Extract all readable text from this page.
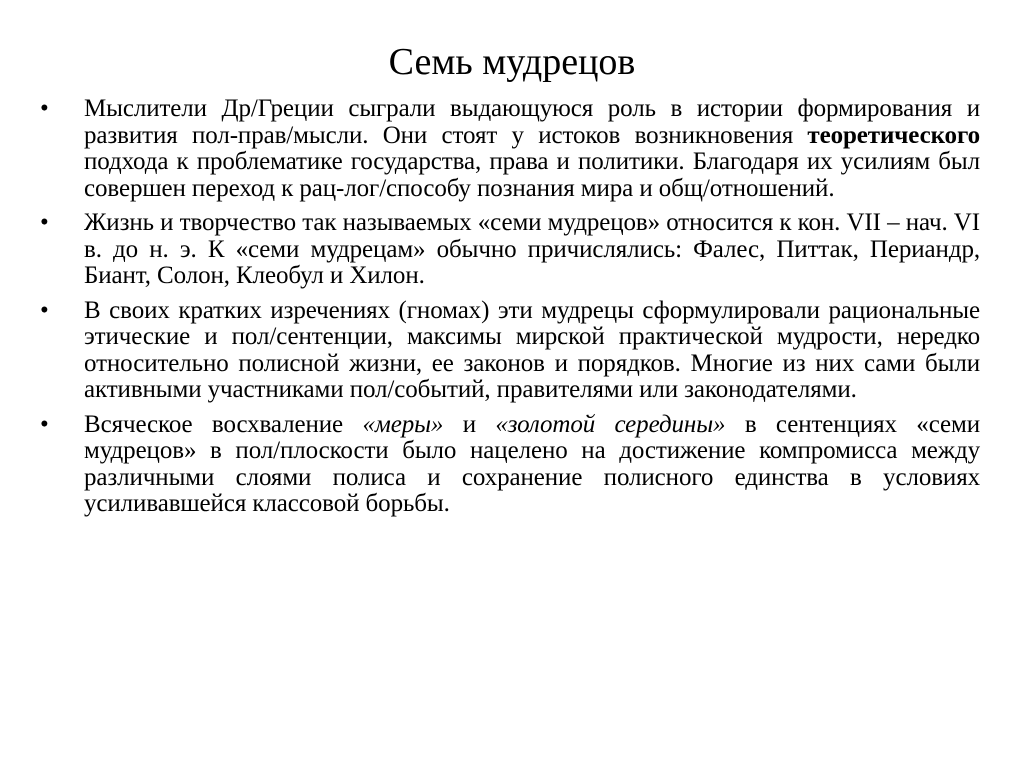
Семь мудрецов
•	Мыслители Др/Греции сыграли выдающуюся роль в истории формирования и развития пол-прав/мысли. Они стоят у истоков возникновения теоретического подхода к проблематике государства, права и политики. Благодаря их усилиям был совершен переход к рац-лог/способу познания мира и общ/отношений.
•	Жизнь и творчество так называемых «семи мудрецов» относится к кон. VII – нач. VI в. до н. э. К «семи мудрецам» обычно причислялись: Фалес, Питтак, Периандр, Биант, Солон, Клеобул и Хилон.
•	В своих кратких изречениях (гномах) эти мудрецы сформулировали рациональные этические и пол/сентенции, максимы мирской практической мудрости, нередко относительно полисной жизни, ее законов и порядков. Многие из них сами были активными участниками пол/событий, правителями или законодателями.
•	Всяческое восхваление «меры» и «золотой середины» в сентенциях «семи мудрецов» в пол/плоскости было нацелено на достижение компромисса между различными слоями полиса и сохранение полисного единства в условиях усиливавшейся классовой борьбы.
